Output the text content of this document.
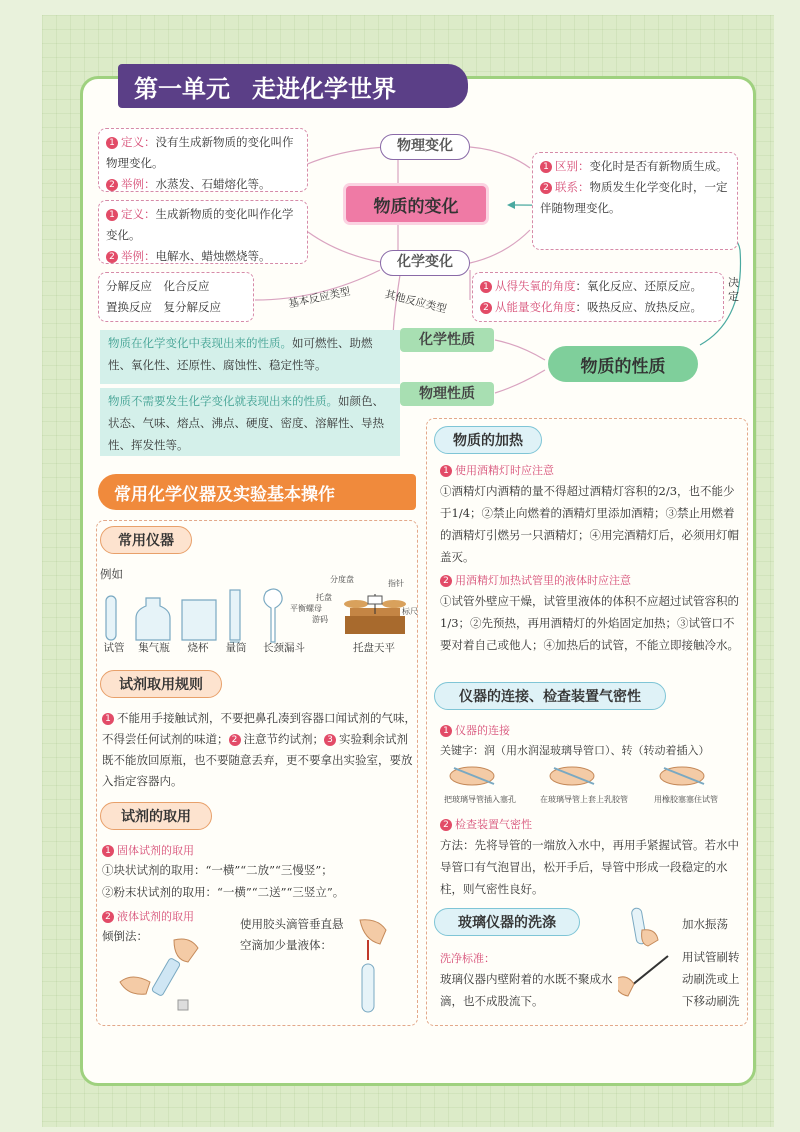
第一单元 走进化学世界
物理变化
物质的变化
化学变化
1 定义：没有生成新物质的变化叫作物理变化。
2 举例：水蒸发、石蜡熔化等。
1 定义：生成新物质的变化叫作化学变化。
2 举例：电解水、蜡烛燃烧等。
分解反应　化合反应
置换反应　复分解反应
1 区别：变化时是否有新物质生成。
2 联系：物质发生化学变化时，一定伴随物理变化。
1 从得失氧的角度：氧化反应、还原反应。
2 从能量变化角度：吸热反应、放热反应。
决定
基本反应类型	其他反应类型
物质在化学变化中表现出来的性质。如可燃性、助燃性、氧化性、还原性、腐蚀性、稳定性等。
化学性质
物质不需要发生化学变化就表现出来的性质。如颜色、状态、气味、熔点、沸点、硬度、密度、溶解性、导热性、挥发性等。
物理性质
物质的性质
常用化学仪器及实验基本操作
常用仪器
例如
试管	集气瓶	烧杯	量筒	长颈漏斗	托盘天平
分度盘	指针
托盘
平衡螺母
游码
标尺
试剂取用规则
1 不能用手接触试剂，不要把鼻孔凑到容器口闻试剂的气味，不得尝任何试剂的味道； 2 注意节约试剂； 3 实验剩余试剂既不能放回原瓶，也不要随意丢弃，更不要拿出实验室，要放入指定容器内。
试剂的取用
1 固体试剂的取用
①块状试剂的取用：“一横”“二放”“三慢竖”；
②粉末状试剂的取用：“一横”“二送”“三竖立”。
2 液体试剂的取用
倾倒法：
使用胶头滴管垂直悬空滴加少量液体：
物质的加热
1 使用酒精灯时应注意
①酒精灯内酒精的量不得超过酒精灯容积的2/3，也不能少于1/4；②禁止向燃着的酒精灯里添加酒精；③禁止用燃着的酒精灯引燃另一只酒精灯；④用完酒精灯后，必须用灯帽盖灭。
2 用酒精灯加热试管里的液体时应注意
①试管外壁应干燥，试管里液体的体积不应超过试管容积的1/3；②先预热，再用酒精灯的外焰固定加热；③试管口不要对着自己或他人；④加热后的试管，不能立即接触冷水。
仪器的连接、检查装置气密性
1 仪器的连接
关键字：润（用水润湿玻璃导管口）、转（转动着插入）
把玻璃导管插入塞孔	在玻璃导管上套上乳胶管	用橡胶塞塞住试管
2 检查装置气密性
方法：先将导管的一端放入水中，再用手紧握试管。若水中导管口有气泡冒出，松开手后，导管中形成一段稳定的水柱，则气密性良好。
玻璃仪器的洗涤
洗净标准：
玻璃仪器内壁附着的水既不聚成水滴，也不成股流下。
加水振荡
用试管刷转动刷洗或上下移动刷洗
